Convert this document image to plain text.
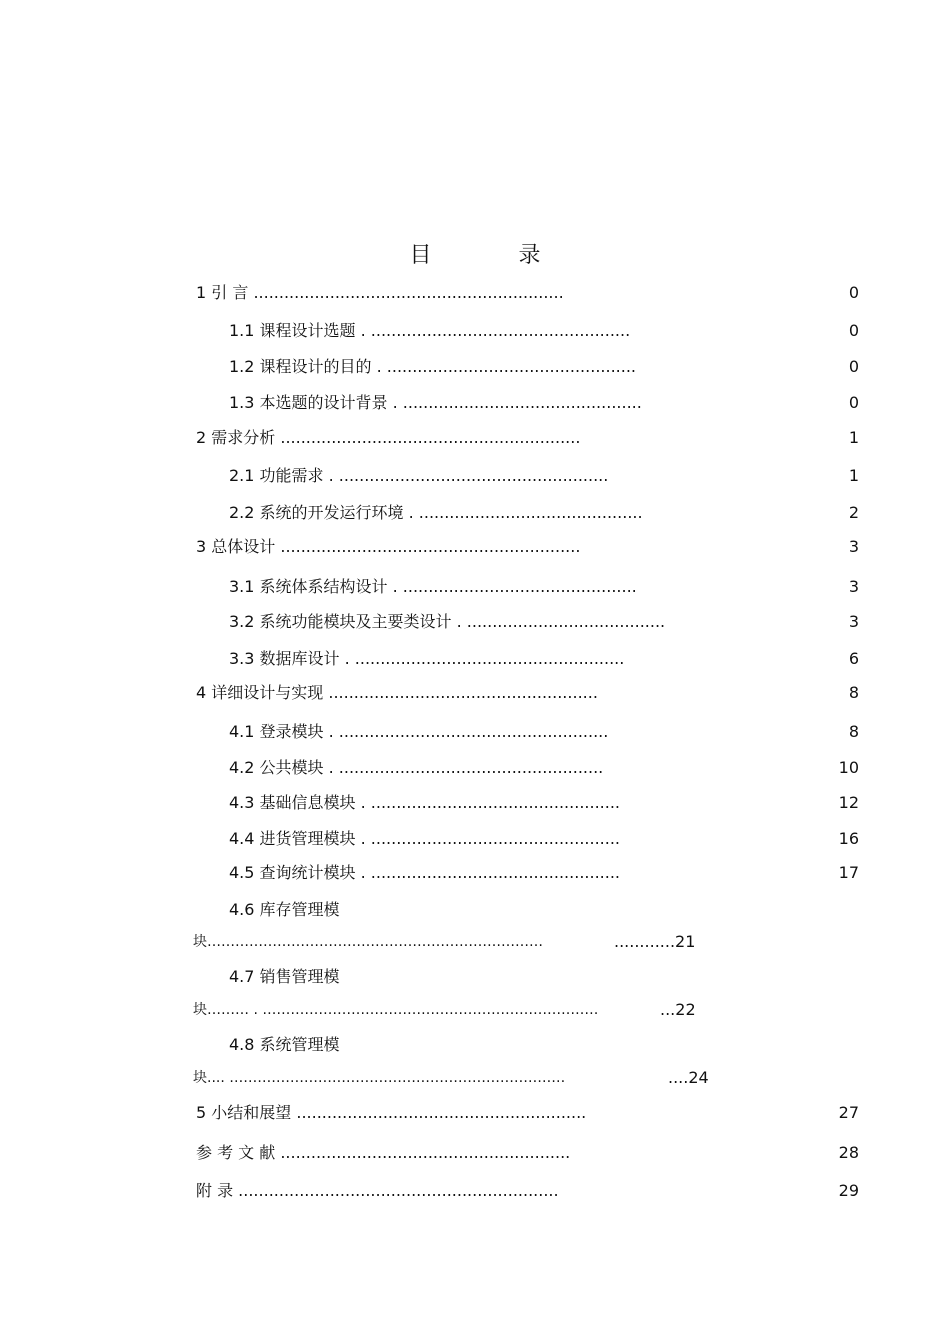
目 录
1 引 言 .............................................................	0
1.1 课程设计选题 . ...................................................	0
1.2 课程设计的目的 . .................................................	0
1.3 本选题的设计背景 . ...............................................	0
2 需求分析 ...........................................................	1
2.1 功能需求 . .....................................................	1
2.2 系统的开发运行环境 . ............................................	2
3 总体设计 ...........................................................	3
3.1 系统体系结构设计 . ..............................................	3
3.2 系统功能模块及主要类设计 . .......................................	3
3.3 数据库设计 . .....................................................	6
4 详细设计与实现 .....................................................	8
4.1 登录模块 . .....................................................	8
4.2 公共模块 . ....................................................	10
4.3 基础信息模块 . .................................................	12
4.4 进货管理模块 . .................................................	16
4.5 查询统计模块 . .................................................	17
4.6 库存管理模
块………………………………………………………………	............21
4.7 销售管理模
块……… . ………………………………………………………………	...22
4.8 系统管理模
块.... ………………………………………………………………	....24
5 小结和展望 .........................................................	27
参 考 文 献 .........................................................	28
附 录 ...............................................................	29
